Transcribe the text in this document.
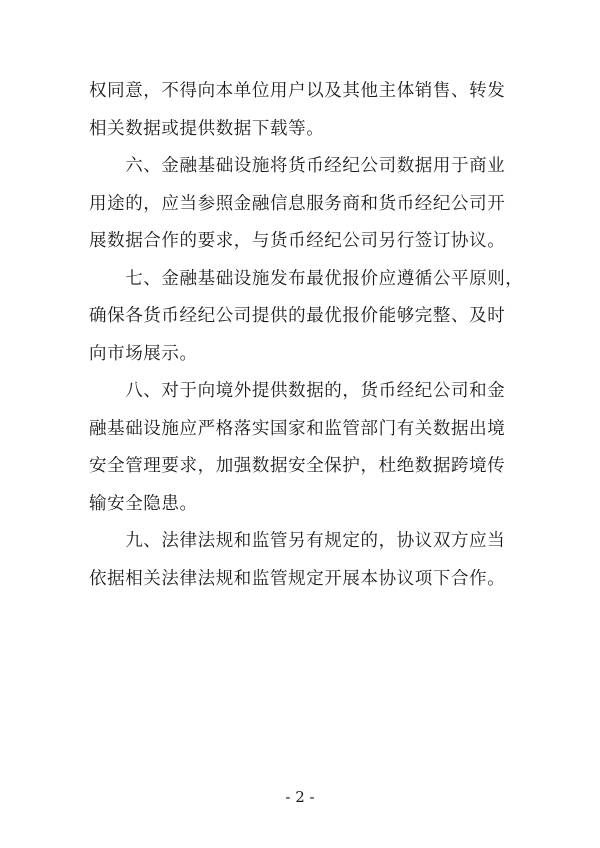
权同意，不得向本单位用户以及其他主体销售、转发
相关数据或提供数据下载等。

　　六、金融基础设施将货币经纪公司数据用于商业
用途的，应当参照金融信息服务商和货币经纪公司开
展数据合作的要求，与货币经纪公司另行签订协议。

　　七、金融基础设施发布最优报价应遵循公平原则，
确保各货币经纪公司提供的最优报价能够完整、及时
向市场展示。

　　八、对于向境外提供数据的，货币经纪公司和金
融基础设施应严格落实国家和监管部门有关数据出境
安全管理要求，加强数据安全保护，杜绝数据跨境传
输安全隐患。

　　九、法律法规和监管另有规定的，协议双方应当
依据相关法律法规和监管规定开展本协议项下合作。

- 2 -
